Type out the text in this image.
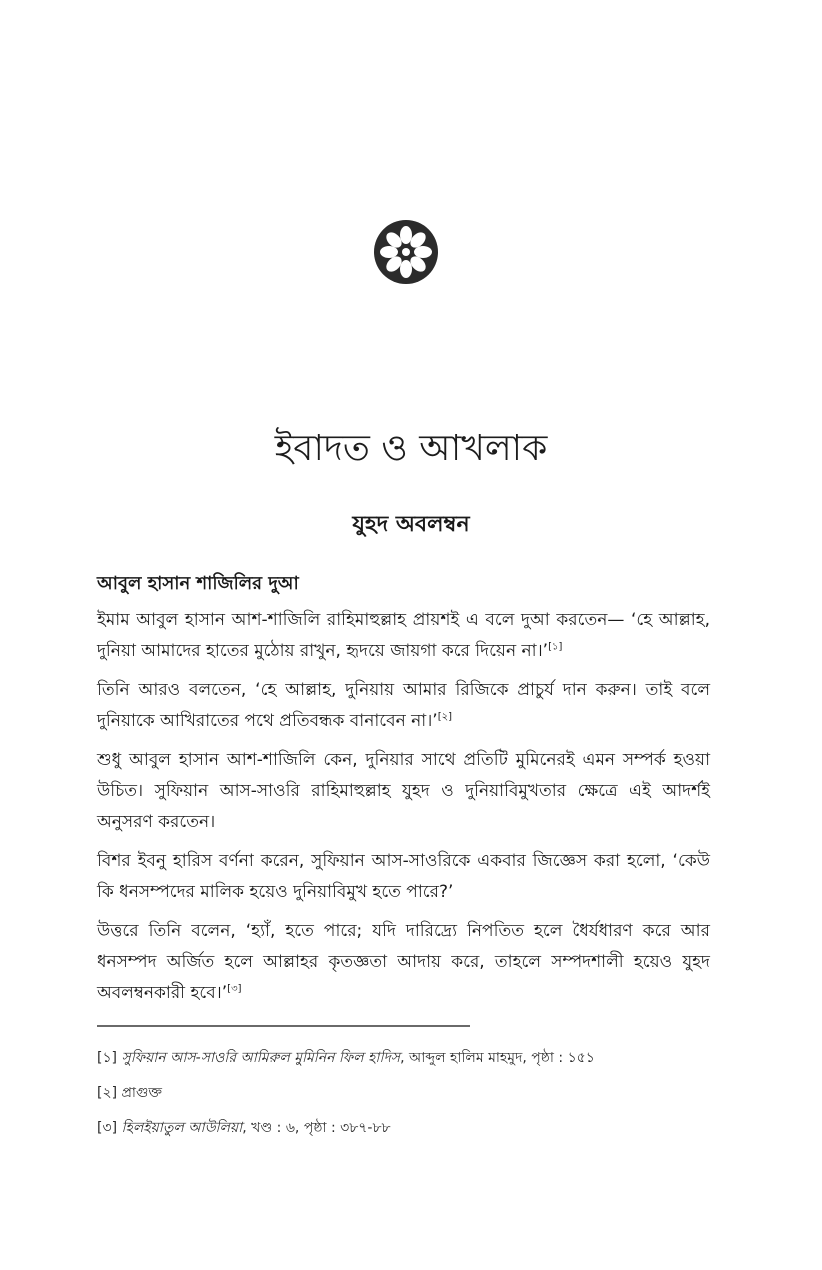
ইবাদত ও আখলাক
যুহদ অবলম্বন

আবুল হাসান শাজিলির দুআ

ইমাম আবুল হাসান আশ-শাজিলি রাহিমাহুল্লাহ প্রায়শই এ বলে দুআ করতেন— ‘হে আল্লাহ, দুনিয়া আমাদের হাতের মুঠোয় রাখুন, হৃদয়ে জায়গা করে দিয়েন না।’[১]

তিনি আরও বলতেন, ‘হে আল্লাহ, দুনিয়ায় আমার রিজিকে প্রাচুর্য দান করুন। তাই বলে দুনিয়াকে আখিরাতের পথে প্রতিবন্ধক বানাবেন না।’[২]

শুধু আবুল হাসান আশ-শাজিলি কেন, দুনিয়ার সাথে প্রতিটি মুমিনেরই এমন সম্পর্ক হওয়া উচিত। সুফিয়ান আস-সাওরি রাহিমাহুল্লাহ যুহদ ও দুনিয়াবিমুখতার ক্ষেত্রে এই আদর্শই অনুসরণ করতেন।

বিশর ইবনু হারিস বর্ণনা করেন, সুফিয়ান আস-সাওরিকে একবার জিজ্ঞেস করা হলো, ‘কেউ কি ধনসম্পদের মালিক হয়েও দুনিয়াবিমুখ হতে পারে?’

উত্তরে তিনি বলেন, ‘হ্যাঁ, হতে পারে; যদি দারিদ্র্যে নিপতিত হলে ধৈর্যধারণ করে আর ধনসম্পদ অর্জিত হলে আল্লাহর কৃতজ্ঞতা আদায় করে, তাহলে সম্পদশালী হয়েও যুহদ অবলম্বনকারী হবে।’[৩]

[১] সুফিয়ান আস-সাওরি আমিরুল মুমিনিন ফিল হাদিস, আব্দুল হালিম মাহমুদ, পৃষ্ঠা : ১৫১

[২] প্রাগুক্ত

[৩] হিলইয়াতুল আউলিয়া, খণ্ড : ৬, পৃষ্ঠা : ৩৮৭-৮৮
